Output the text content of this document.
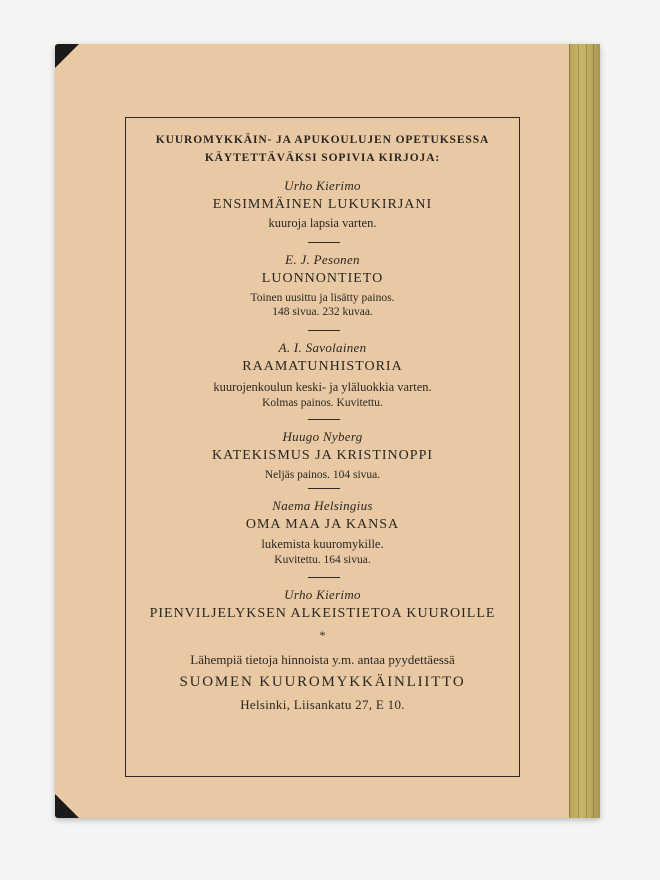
KUUROMYKKÄIN- JA APUKOULUJEN OPETUKSESSA
KÄYTETTÄVÄKSI SOPIVIA KIRJOJA:
Urho Kierimo
ENSIMMÄINEN LUKUKIRJANI
kuuroja lapsia varten.
E. J. Pesonen
LUONNONTIETO
Toinen uusittu ja lisätty painos.
148 sivua. 232 kuvaa.
A. I. Savolainen
RAAMATUNHISTORIA
kuurojenkoulun keski- ja yläluokkia varten.
Kolmas painos. Kuvitettu.
Huugo Nyberg
KATEKISMUS JA KRISTINOPPI
Neljäs painos. 104 sivua.
Naema Helsingius
OMA MAA JA KANSA
lukemista kuuromykille.
Kuvitettu. 164 sivua.
Urho Kierimo
PIENVILJELYKSEN ALKEISTIETOA KUUROILLE
*
Lähempiä tietoja hinnoista y.m. antaa pyydettäessä
SUOMEN KUUROMYKKÄINLIITTO
Helsinki, Liisankatu 27, E 10.
